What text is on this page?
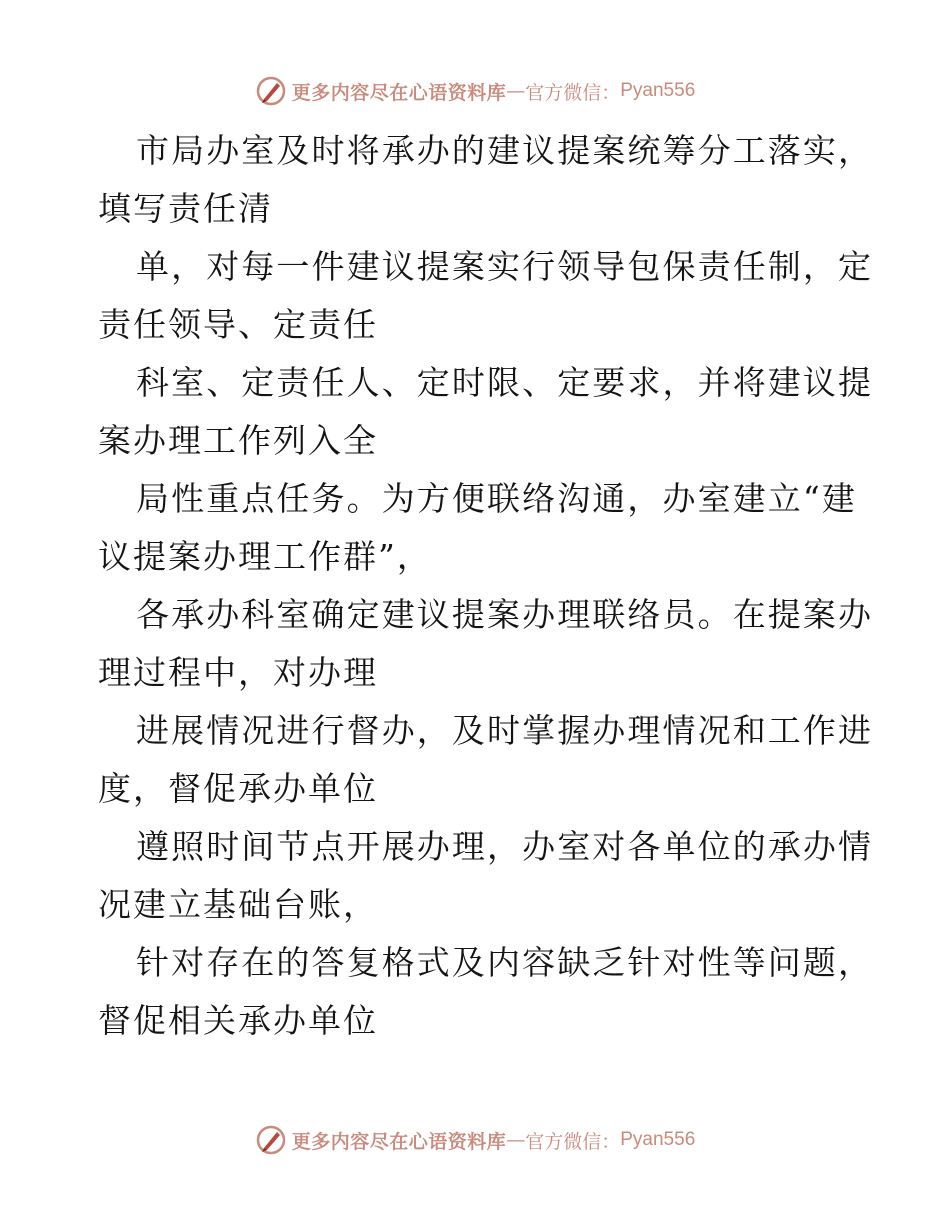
更多内容尽在心语资料库 — 官方微信： Pyan556

市局办室及时将承办的建议提案统筹分工落实，
填写责任清

单，对每一件建议提案实行领导包保责任制，定
责任领导、定责任

科室、定责任人、定时限、定要求，并将建议提
案办理工作列入全

局性重点任务。为方便联络沟通，办室建立“建
议提案办理工作群”，

各承办科室确定建议提案办理联络员。在提案办
理过程中，对办理

进展情况进行督办，及时掌握办理情况和工作进
度，督促承办单位

遵照时间节点开展办理，办室对各单位的承办情
况建立基础台账，

针对存在的答复格式及内容缺乏针对性等问题，
督促相关承办单位

更多内容尽在心语资料库 — 官方微信： Pyan556
